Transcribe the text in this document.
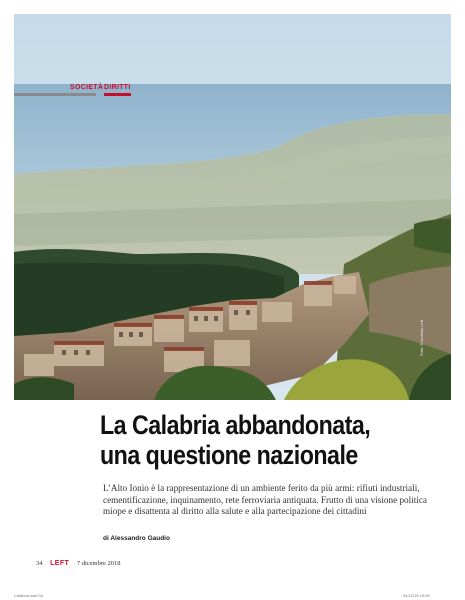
Foto: © archivio Left
SOCIETÀ DIRITTI
La Calabria abbandonata,
una questione nazionale
L’Alto Ionio è la rappresentazione di un ambiente ferito da più armi: rifiuti industriali, cementificazione, inquinamento, rete ferroviaria antiquata. Frutto di una visione politica miope e disattenta al diritto alla salute e alla partecipazione dei cittadini
di Alessandro Gaudio
34 LEFT 7 dicembre 2018
Calabria.indd 34	04/12/18 19:55
